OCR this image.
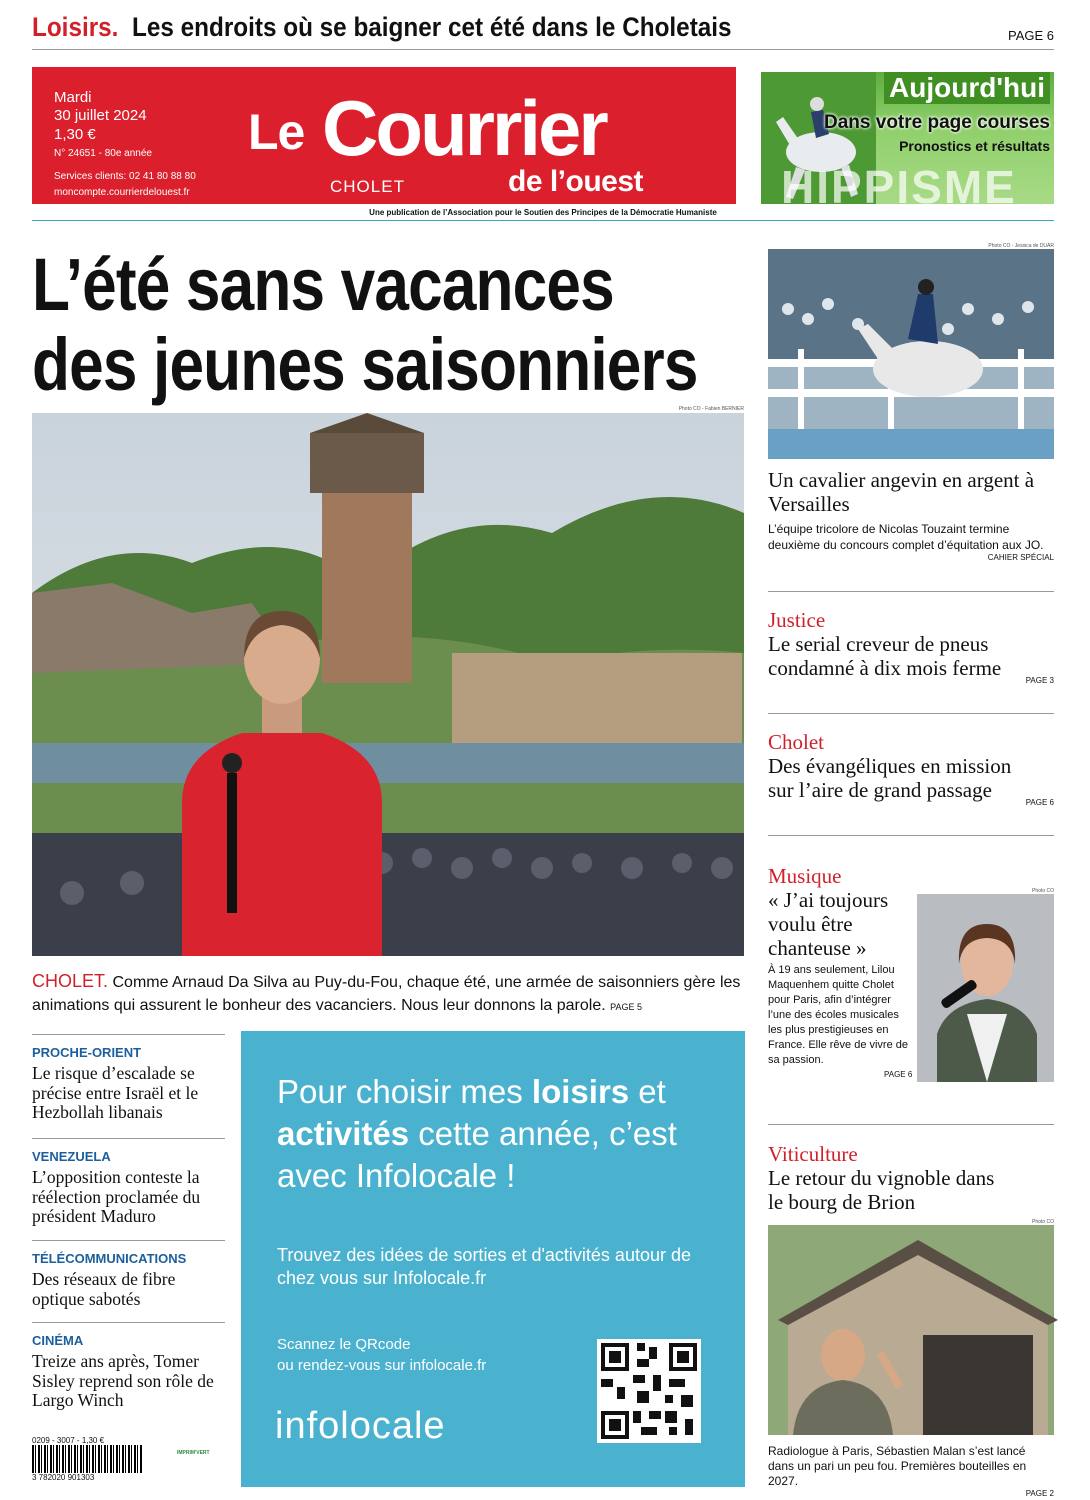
Loisirs. Les endroits où se baigner cet été dans le Choletais	PAGE 6
Mardi
30 juillet 2024
1,30 €
N° 24651 - 80e année
Services clients: 02 41 80 88 80
moncompte.courrierdelouest.fr
Le Courrier
CHOLET	de l’ouest
Aujourd'hui
Dans votre page courses
Pronostics et résultats
HIPPISME
Une publication de l’Association pour le Soutien des Principes de la Démocratie Humaniste
L’été sans vacances
des jeunes saisonniers
Photo CO - Fabien BERNIER
CHOLET. Comme Arnaud Da Silva au Puy-du-Fou, chaque été, une armée de saisonniers gère les animations qui assurent le bonheur des vacanciers. Nous leur donnons la parole. PAGE 5
PROCHE-ORIENT
Le risque d’escalade se précise entre Israël et le Hezbollah libanais
VENEZUELA
L’opposition conteste la réélection proclamée du président Maduro
TÉLÉCOMMUNICATIONS
Des réseaux de fibre optique sabotés
CINÉMA
Treize ans après, Tomer Sisley reprend son rôle de Largo Winch
0209 - 3007 - 1,30 €
3 782020 901303
IMPRIM'VERT
Pour choisir mes loisirs et activités cette année, c’est avec Infolocale !
Trouvez des idées de sorties et d'activités autour de chez vous sur Infolocale.fr
Scannez le QRcode
ou rendez-vous sur infolocale.fr
infolocale
Photo CO - Jessica de DUAR
Un cavalier angevin en argent à Versailles
L’équipe tricolore de Nicolas Touzaint termine deuxième du concours complet d’équitation aux JO.
CAHIER SPÉCIAL
Justice
Le serial creveur de pneus condamné à dix mois ferme
PAGE 3
Cholet
Des évangéliques en mission sur l’aire de grand passage
PAGE 6
Musique
« J’ai toujours voulu être chanteuse »
À 19 ans seulement, Lilou Maquenhem quitte Cholet pour Paris, afin d’intégrer l’une des écoles musicales les plus prestigieuses en France. Elle rêve de vivre de sa passion.
PAGE 6
Photo CO
Viticulture
Le retour du vignoble dans le bourg de Brion
Photo CO
Radiologue à Paris, Sébastien Malan s’est lancé dans un pari un peu fou. Premières bouteilles en 2027.
PAGE 2
